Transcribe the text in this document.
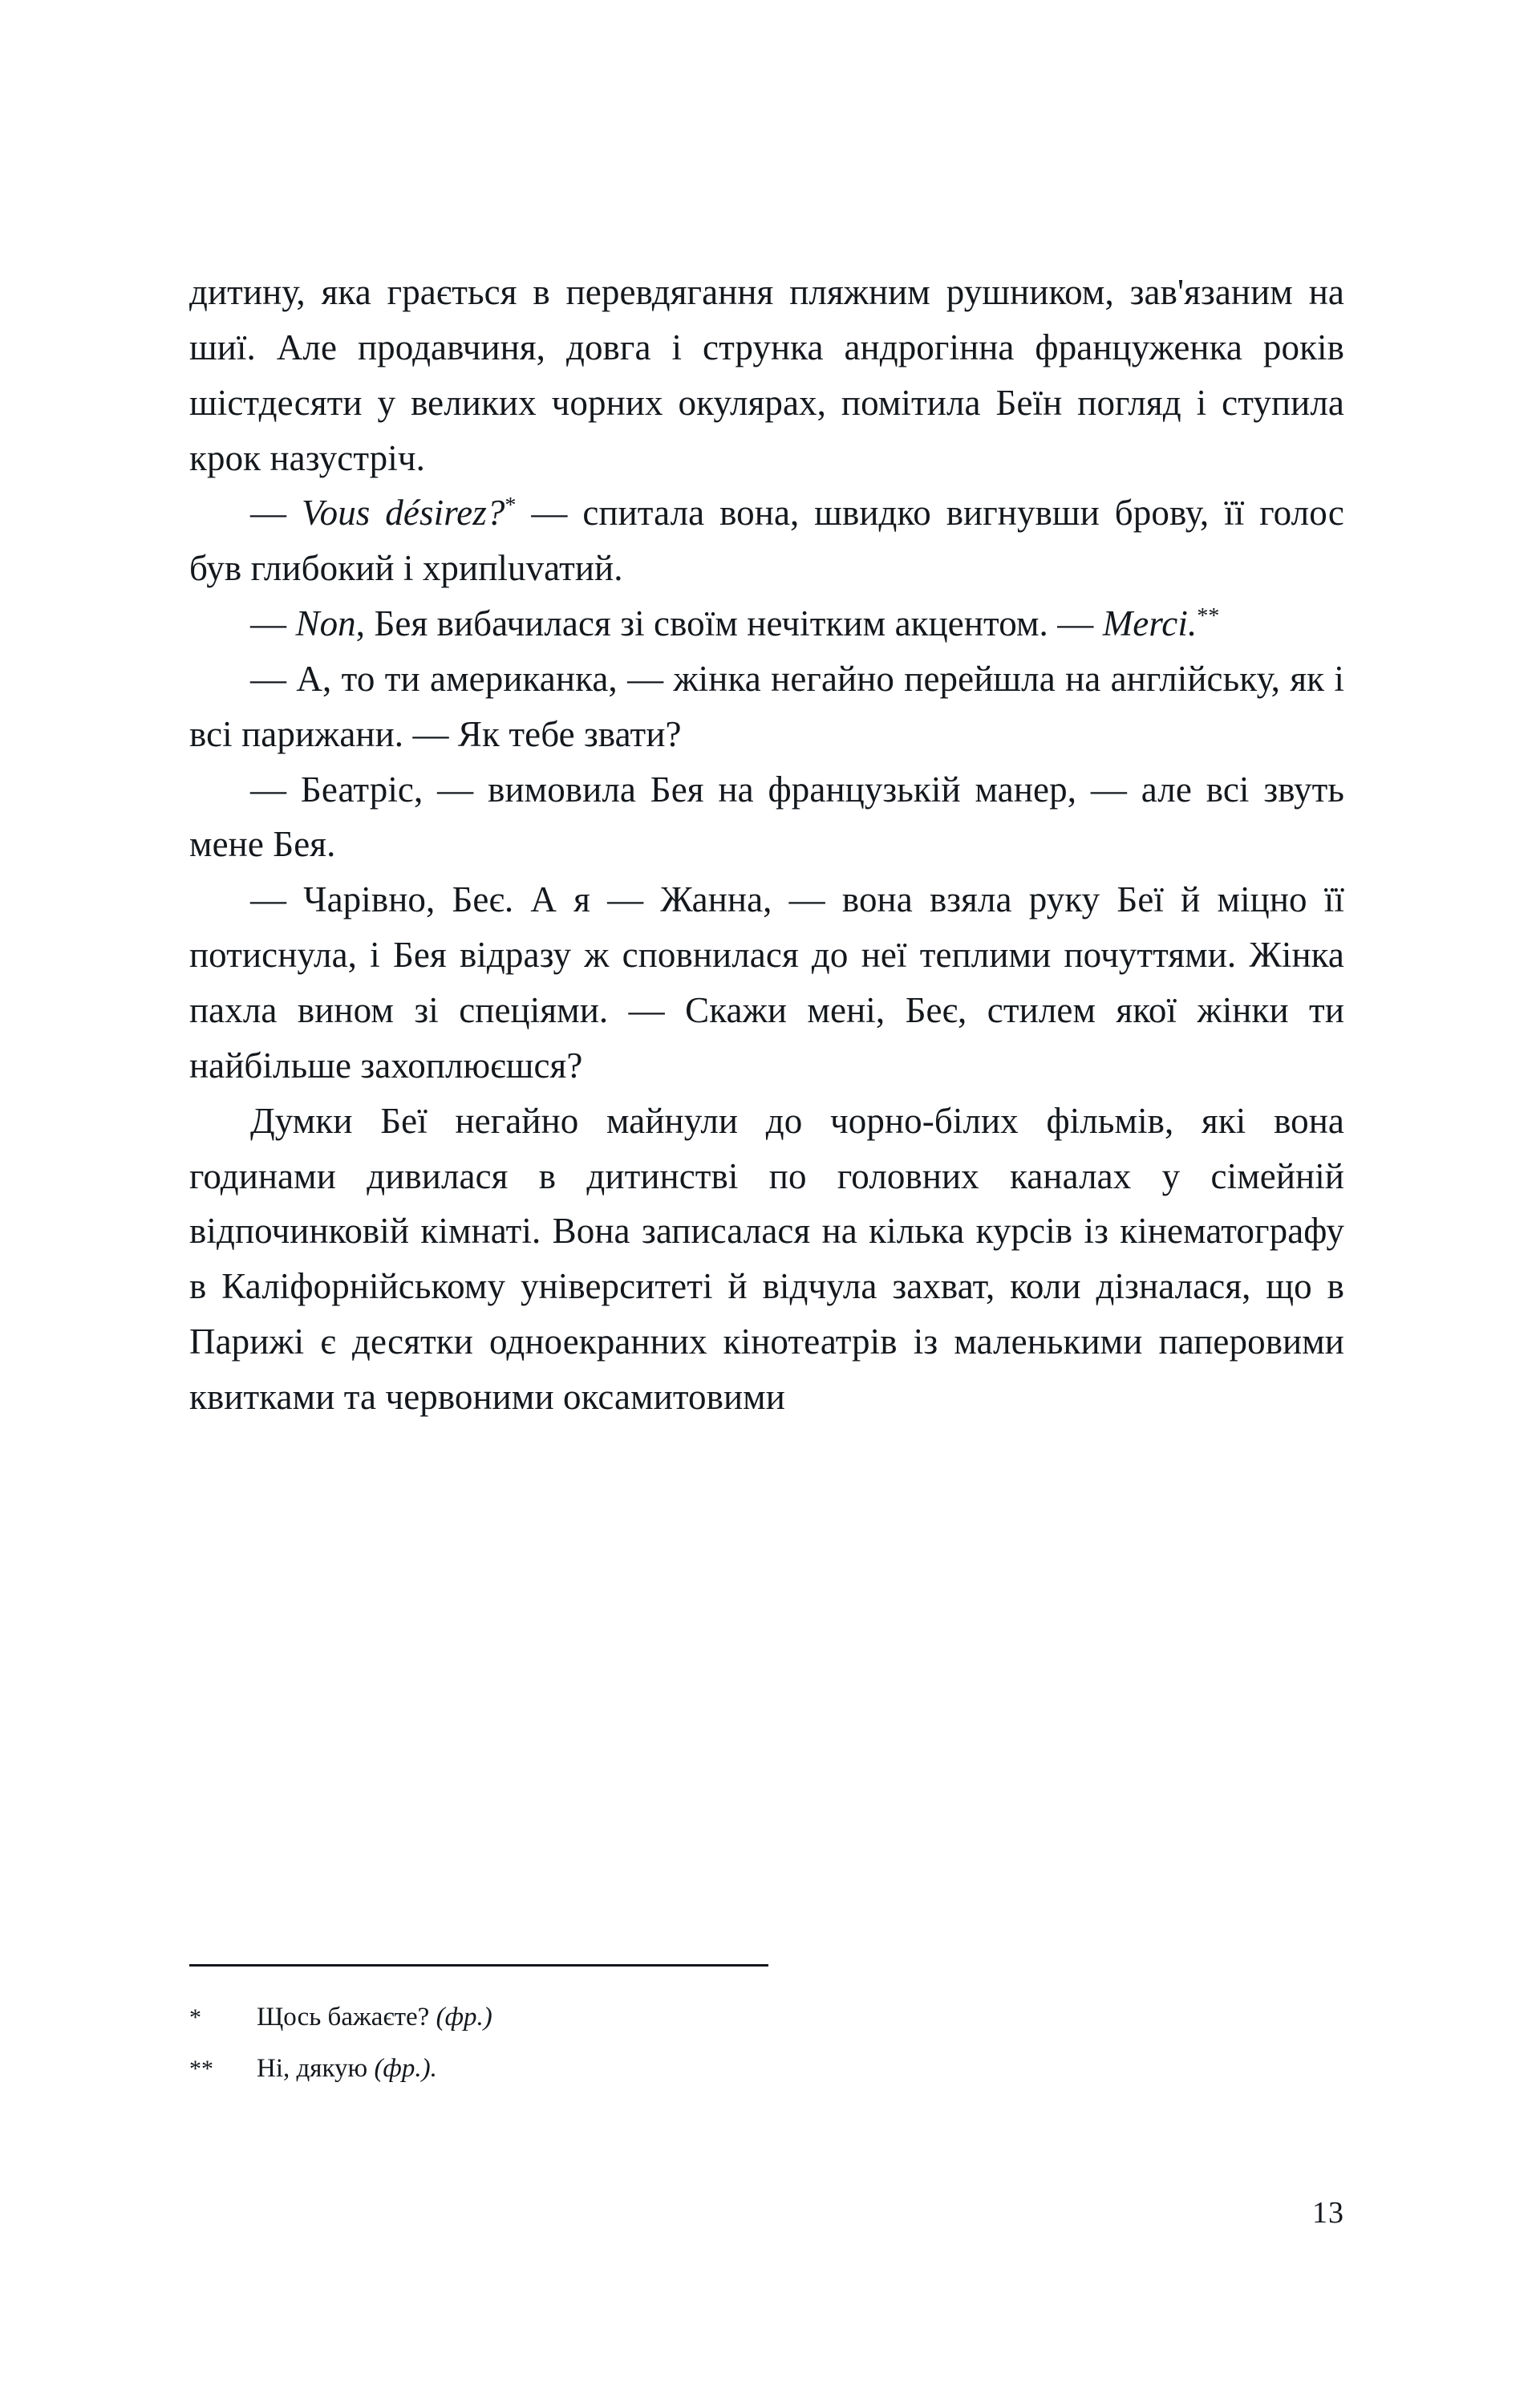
дитину, яка грається в перевдягання пляжним рушником, зав'язаним на шиї. Але продавчиня, довга і струнка андрогінна француженка років шістдесяти у великих чорних окулярах, помітила Беїн погляд і ступила крок назустріч.

— Vous désirez?* — спитала вона, швидко вигнувши брову, її голос був глибокий і хрипluvатий.

— Non, Бея вибачилася зі своїм нечітким акцентом. — Merci.**

— А, то ти американка, — жінка негайно перейшла на англійську, як і всі парижани. — Як тебе звати?

— Беатріс, — вимовила Бея на французькій манер, — але всі звуть мене Бея.

— Чарівно, Беє. А я — Жанна, — вона взяла руку Беї й міцно її потиснула, і Бея відразу ж сповнилася до неї теплими почуттями. Жінка пахла вином зі спеціями. — Скажи мені, Беє, стилем якої жінки ти найбільше захоплюєшся?

Думки Беї негайно майнули до чорно-білих фільмів, які вона годинами дивилася в дитинстві по головних каналах у сімейній відпочинковій кімнаті. Вона записалася на кілька курсів із кінематографу в Каліфорнійському університеті й відчула захват, коли дізналася, що в Парижі є десятки одноекранних кінотеатрів із маленькими паперовими квитками та червоними оксамитовими

*	Щось бажаєте? (фр.)
**	Ні, дякую (фр.).
13
